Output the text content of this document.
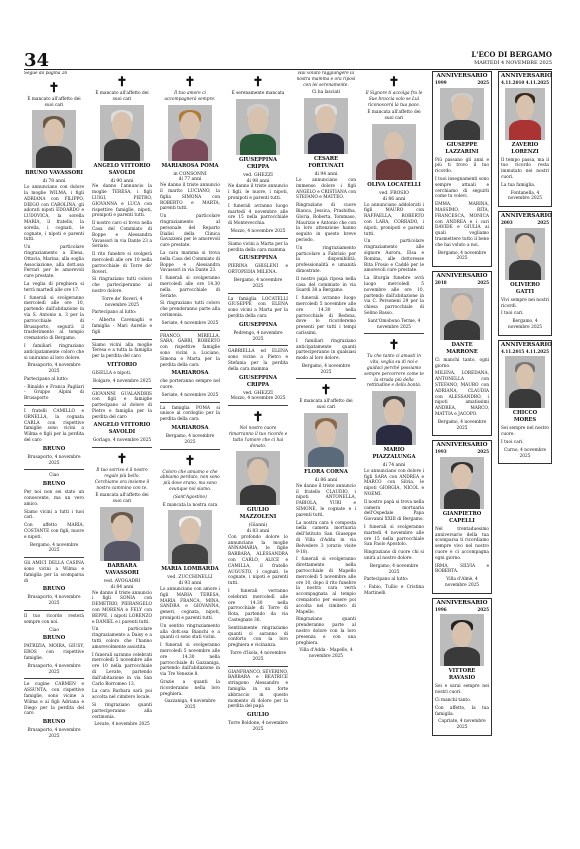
34	L'ECO DI BERGAMO
MARTEDÌ 4 NOVEMBRE 2025

Segue da pagina 26

✝

È mancato all'affetto dei suoi cari

BRUNO VAVASSORI
di 78 anni

Lo annunciano con dolore la moglie WILMA, i figli ADRIANA con FILIPPO, DIEGO con CAROLINA, gli adorati nipoti EDOARDO e LUDOVICA, la sorella MARIA, il fratello, la sorella, i cognati, le cognate, i nipoti e parenti tutti.

Un particolare ringraziamento a Elena, Ottavia, Marina, alla soglia Associazione, alla dott.ssa Ferrari per le amorevoli cure prestate.

La veglia di preghiera si terrà martedì alle ore 17.

I funerali si svolgeranno mercoledì alle ore 10, partendo dall'abitazione in via S. Antonio n. 3 per la parrocchiale di Brusaporto, seguirà il trasferimento al tempio crematorio di Bergamo.

I familiari ringraziano anticipatamente coloro che si uniranno al loro dolore.

Brusaporto, 4 novembre 2025

Partecipano al lutto:

- Rinaldo e Franca Pagliari - Gruppo Alpini di Brusaporto

I fratelli CAMILLO e ORNELLA, la cognata CARLA con rispettive famiglie sono vicini a Wilma e figli per la perdita del caro

BRUNO

Brusaporto, 4 novembre 2025

Ciao

BRUNO

Per noi non sei stato un conoscente, ma un vero amico.

Siamo vicini a tutti i tuoi cari.

Con affetto MARIA, COSTANTE con figli, nuore e nipoti.

Bergamo, 4 novembre 2025

Gli AMICI DELLA CASINA sono vicini a Wilma e famiglia per la scomparsa di

BRUNO

Brusaporto, 4 novembre 2025

Il tuo ricordo resterà sempre con noi.

Ciao

BRUNO

PATRIZIA, MOIRA, GIUSY, EROS con rispettive famiglie.

Brusaporto, 4 novembre 2025

Le cugine CARMEN e ASSUNTA, con rispettive famiglie, sono vicine a Wilma e ai figli Adriana e Diego per la perdita del caro

BRUNO

Brusaporto, 4 novembre 2025

✝

È mancato all'affetto dei suoi cari

ANGELO VITTORIO SAVOLDI
di 90 anni

Ne danno l'annuncio la moglie TERESA, i figli LUIGI, PIETRO, GIOVANNA e LUCA con rispettive famiglie, nipoti, pronipoti e parenti tutti.

Il nostro caro si trova nella Casa del Commiato di Boppe e Alessandra Vavassori in via Dante 23 a Seriate.

Il rito funebre si svolgerà mercoledì alle ore 10 nella parrocchiale di Torre de' Roveri.

Si ringraziano tutti coloro che parteciperanno al nostro dolore.

Torre de' Roveri, 4 novembre 2025

Partecipano al lutto:

- Alberto Cavenaghi e famiglia - Mari Aurelio e figli

Siamo vicini alla moglie Teresa e a tutta la famiglia per la perdita del caro

VITTORIO

GISELLA e nipoti.

Bolgare, 4 novembre 2025

GIOVANNI GUALANDRIS con figli e famiglie partecipano al dolore di Pietro e famiglia per la perdita del caro

ANGELO VITTORIO SAVOLDI

Gorlago, 4 novembre 2025

✝

Il tuo sorriso è il nostro regalo più bello. Cerchiamo ora insieme il nostro cammino con te.

È mancata all'affetto dei suoi cari

BARBARA VAVASSORI
ved. AVOGADRI
di 84 anni

Ne danno il triste annuncio i figli SONIA con DEMETRIO, PIERANGELO con MORENA e FELY con BEPPE, i nipoti LORENZO e DANIEL e i parenti tutti.

Un particolare ringraziamento a Daisy e a tutti coloro che l'hanno amorevolmente assistita.

I funerali saranno celebrati mercoledì 5 novembre alle ore 10 nella parrocchiale di Levate, partendo dall'abitazione in via San Carlo Borromeo 13.

La cara Barbara sarà poi accolta nel cimitero locale.

Si ringraziano quanti parteciperanno alla cerimonia.

Levate, 4 novembre 2025

✝

Il tuo amore ci accompagnerà sempre.

MARIAROSA POMA
in CONSONNI
di 77 anni

Ne danno il triste annuncio il marito LUCIANO, la figlia SIMONA con ROBERTO e MARTA, parenti tutti.

Un particolare ringraziamento al personale del Reparto Dialisi della Clinica Gavazzeni per le amorevoli cure prestate.

La cara mamma si trova nella Casa del Commiato di Boppe e Alessandra Vavassori in via Dante 23.

I funerali si svolgeranno mercoledì alle ore 14.30 nella parrocchiale di Seriate.

Si ringraziano tutti coloro che prenderanno parte alla cerimonia.

Seriate, 4 novembre 2025

FRANCO, MIRELLA, SARA, GABRI, ROBERTO con rispettive famiglie sono vicini a Luciano, Simona e Marta per la perdita della cara

MARIAROSA

che porteranno sempre nel cuore.

Seriate, 4 novembre 2025

La famiglia POMA si unisce al cordoglio per la perdita della cara

MARIAROSA

Bergamo, 4 novembre 2025

✝

Coloro che amiamo e che abbiamo perduto, non sono più dove erano, ma sono ovunque noi siamo.

(Sant'Agostino)

È mancata la nostra cara

MARIA LOMBARDA
ved. ZUCCHINELLI
di 93 anni

Lo annunciano con amore i figli MARIA TERESA, MARIA FRANCA, MINA, SANDRA e GIOVANNA, generi, cognata, nipoti, pronipoti e parenti tutti.

Un sentito ringraziamento alla dott.ssa Bianchi e a quanti ci sono stati vicini.

I funerali si svolgeranno mercoledì 5 novembre alle ore 14.30 nella parrocchiale di Gazzaniga, partendo dall'abitazione in via Tre Venezie 8.

Grazie a quanti la ricorderanno nella loro preghiera.

Gazzaniga, 4 novembre 2025

✝

È serenamente mancata

GIUSEPPINA CRIPPA
ved. GHEZZI
di 98 anni

Ne danno il triste annuncio i figli, le nuore, i nipoti, pronipoti e parenti tutti.

I funerali avranno luogo martedì 4 novembre alle ore 15 nella parrocchiale di Montevecchia.

Mozzo, 4 novembre 2025

Siamo vicini a Marta per la perdita della cara mamma

GIUSEPPINA

PIERINA GHISLENI e ORTOPEDIA MILENA.

Bergamo, 4 novembre 2025

La famiglia LOCATELLI GIUSEPPE con ELENA sono vicini a Marta per la perdita della cara

GIUSEPPINA

Pedrengo, 4 novembre 2025

GABRIELLA ed ELENA sono vicine a Pietro e Stefania per la perdita della cara mamma

GIUSEPPINA CRIPPA
ved. GHEZZI

Mozzo, 4 novembre 2025

✝

Nel nostro cuore rimarranno il tuo ricordo e tutto l'amore che ci hai donato.

GIULIO MAZZOLENI
(Gianni)
di 83 anni

Con profondo dolore lo annunciano la moglie ANNAMARIA, le figlie BARBARA, ALESSANDRA con CARLO, ALICE e CAMILLA, il fratello AUGUSTO, i cognati, le cognate, i nipoti e parenti tutti.

I funerali verranno celebrati mercoledì alle ore 14.30 nella parrocchiale di Torre di Rota, partendo da via Castegnate 36.

Sentitamente ringraziamo quanti ci saranno di conforto con la loro preghiera e vicinanza.

Torre d'Isola, 4 novembre 2025

GIANFRANCO, SEVERINO, BARBARA e BEATRICE stringono Alessandro e famiglia in un forte abbraccio in questo momento di dolore per la perdita del papà

GIULIO

Torre Boldone, 4 novembre 2025

Hai voluto raggiungere la nostra mamma e ora riposi con lei serenamente.

Ci ha lasciati

CESARE FORTUNATI
di 94 anni

Lo annunciano con immenso dolore i figli ANGELO e CRISTIANA con STEFANO e MATTEO.

Ringraziano di cuore Bianca, Jessica, Prashitha, Gloria, Roberta, Tommaso, Maurizio e Antonio che con la loro attenzione hanno seguito in questo breve periodo.

Un ringraziamento particolare a Fabrizio per la disponibilità, professionalità e umanità dimostrate.

Il nostro papà riposa nella casa del commiato in via Suardi 38 a Bergamo.

I funerali avranno luogo mercoledì 5 novembre alle ore 14.30 nella parrocchiale di Redona, dove lo ricorderemo presenti per tutti i tempi carissimi.

I familiari ringraziano anticipatamente quanti parteciperanno in qualsiasi modo al loro dolore.

Bergamo, 4 novembre 2025

✝

È mancata all'affetto dei suoi cari

FLORA CORNA
di 86 anni

Ne danno il triste annuncio il fratello CLAUDIO, i nipoti ANTONELLA, FABIOLA, YURI e SIMONE, le cognate e i parenti tutti.

La nostra cara è composta nella camera mortuaria dell'Istituto San Giuseppe di Villa d'Adda in via Belvedere 3 (orario visite 9-18).

I funerali si svolgeranno direttamente nella parrocchiale di Mapello mercoledì 5 novembre alle ore 10, dopo il rito funebre la nostra cara verrà accompagnata al tempio crematorio per essere poi accolta nel cimitero di Mapello.

Ringraziano quanti prenderanno parte al nostro dolore con la loro presenza e con una preghiera.

Villa d'Adda - Mapello, 4 novembre 2025

✝

Il Signore ti accolga fra le Sue braccia solo se Lui riconoscerà la tua pace.

È mancata all'affetto dei suoi cari

OLIVA LOCATELLI
ved. FROSIO
di 86 anni

Lo annunciano addolorati i figli MAURO con RAFFAELLA, ROBERTO con LARA, CORRADO, i nipoti, pronipoti e parenti tutti.

Un particolare ringraziamento alle signore Aurora, Elsa e Romina, alle dottoresse Rita Frosio e Caddè per le amorevoli cure prestate.

La liturgia funebre avrà luogo mercoledì 5 novembre alle ore 10, partendo dall'abitazione in via C. Personeni 29 per la chiesa parrocchiale di Selino Basso.

Sant'Omobono Terme, 4 novembre 2025

✝

Tu che tanto ci amasti in vita, veglia su di noi e guidaci perché possiamo sempre percorrere come te la strada più della rettitudine e della bontà.

MARIO PIAZZALUNGA
di 74 anni

Lo annunciano con dolore i figli SARA con ANDREA e MARCO con Silvia, le nipoti GIORGIA, NICOL e NOEMI.

Il nostro papà si trova nella camera mortuaria dell'Ospedale Papa Giovanni XXIII di Bergamo.

I funerali si svolgeranno martedì 4 novembre alle ore 15 nella parrocchiale San Paolo Apostolo.

Ringraziano di cuore chi si unirà al nostro dolore.

Bergamo, 4 novembre 2025

Partecipano al lutto:

- Fabio, Tullio e Cristina Martinelli

ANNIVERSARIO
1999	2025
GIUSEPPE LAZZARINI

Più passano gli anni e più ti trovo il tuo ricordo.

I tuoi insegnamenti sono sempre attuali e cerchiamo di seguirli come tu volevi.

EMMA, MARINA, MASSIMO, RITA, FRANCESCA, MONICA con ANDREA e i cari DAVIDE e GIULIA ai quali vogliamo trasmettere tutto il bene che hai voluto a noi.

Bergamo, 4 novembre 2025

ANNIVERSARIO
2018	2025
DANTE MARRONE

Ci manchi tanto, ogni giorno.

MILENA, LOREDANA, ANTONELLA con STEFANO, MAURO con ADRIANA, CLAUDIA con ALESSANDRO, i nipoti amatissimi ANDREA, MARCO, MATTIA e JACOPO.

Bergamo, 4 novembre 2025

ANNIVERSARIO
1993	2025
GIANPIETRO CAPELLI

Nel trentaduesimo anniversario della tua scomparsa ti ricordiamo sempre vivo nel nostro cuore e ci accompagna ogni giorno.

IRMA, SILVIA e ROBERTA.

Villa d'Almè, 4 novembre 2025

ANNIVERSARIO
1996	2025
VITTORE RAVASIO

Sei e sarai sempre nei nostri cuori.

Ci manchi tanto.

Con affetto, la tua famiglia.

Capriate, 4 novembre 2025

ANNIVERSARIO
4.11.2010 4.11.2025
ZAVERIO LORENZI

Il tempo passa, ma il tuo ricordo resta immutato nei nostri cuori.

La tua famiglia.

Fontanella, 4 novembre 2025

ANNIVERSARIO
2003	2025
OLIVIERO GATTI

Vivi sempre nei nostri ricordi.

I tuoi cari.

Bergamo, 4 novembre 2025

ANNIVERSARIO
4.11.2015 4.11.2025
CHICCO MORES

Sei sempre nel nostro cuore.

I tuoi cari.

Curno, 4 novembre 2025
